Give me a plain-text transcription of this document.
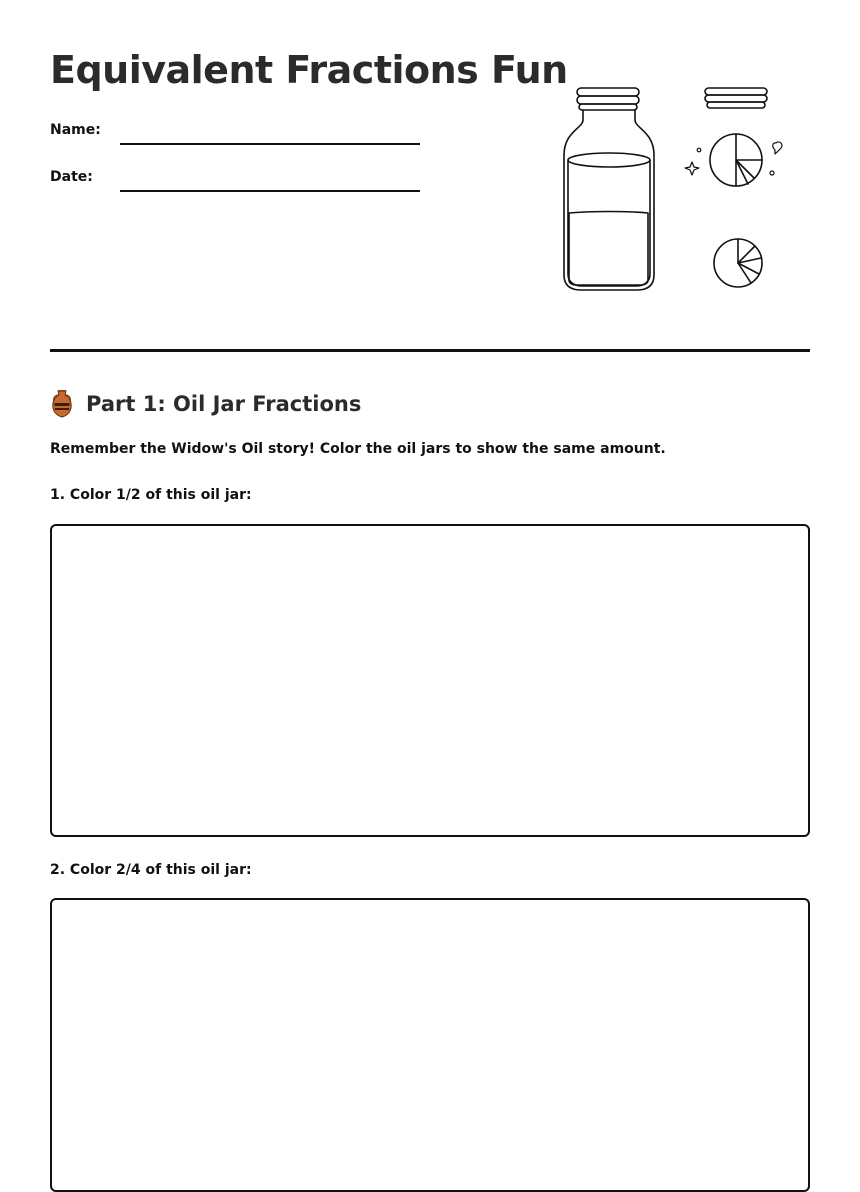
Equivalent Fractions Fun
Name:
Date:
Part 1: Oil Jar Fractions

Remember the Widow's Oil story! Color the oil jars to show the same amount.

1. Color 1/2 of this oil jar:

2. Color 2/4 of this oil jar:
